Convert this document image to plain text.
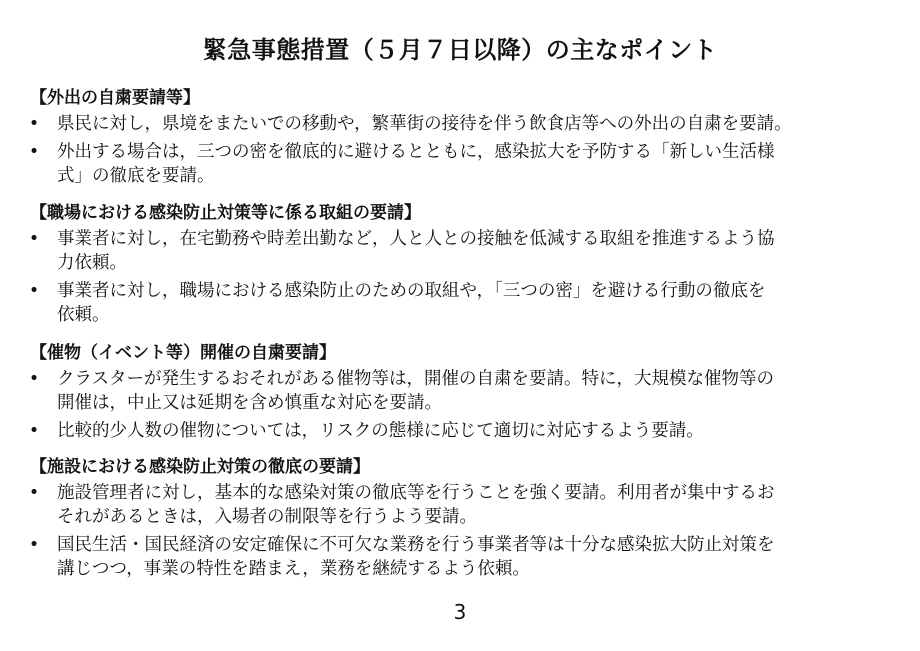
緊急事態措置（５月７日以降）の主なポイント
【外出の自粛要請等】
• 県民に対し，県境をまたいでの移動や，繁華街の接待を伴う飲食店等への外出の自粛を要請。
• 外出する場合は，三つの密を徹底的に避けるとともに，感染拡大を予防する「新しい生活様
式」の徹底を要請。
【職場における感染防止対策等に係る取組の要請】
• 事業者に対し，在宅勤務や時差出勤など，人と人との接触を低減する取組を推進するよう協
力依頼。
• 事業者に対し，職場における感染防止のための取組や，「三つの密」を避ける行動の徹底を
依頼。
【催物（イベント等）開催の自粛要請】
• クラスターが発生するおそれがある催物等は，開催の自粛を要請。特に，大規模な催物等の
開催は，中止又は延期を含め慎重な対応を要請。
• 比較的少人数の催物については，リスクの態様に応じて適切に対応するよう要請。
【施設における感染防止対策の徹底の要請】
• 施設管理者に対し，基本的な感染対策の徹底等を行うことを強く要請。利用者が集中するお
それがあるときは，入場者の制限等を行うよう要請。
• 国民生活・国民経済の安定確保に不可欠な業務を行う事業者等は十分な感染拡大防止対策を
講じつつ，事業の特性を踏まえ，業務を継続するよう依頼。
3
